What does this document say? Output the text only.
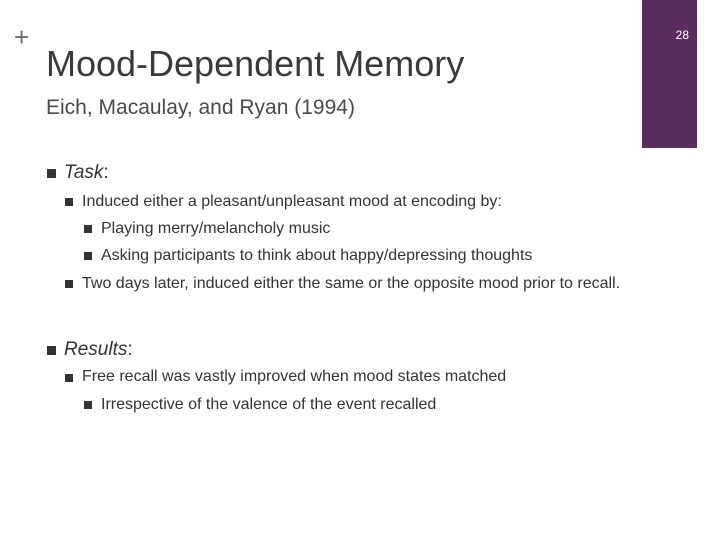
+	28
Mood-Dependent Memory
Eich, Macaulay, and Ryan (1994)
Task:
Induced either a pleasant/unpleasant mood at encoding by:
Playing merry/melancholy music
Asking participants to think about happy/depressing thoughts
Two days later, induced either the same or the opposite mood prior to recall.
Results:
Free recall was vastly improved when mood states matched
Irrespective of the valence of the event recalled
